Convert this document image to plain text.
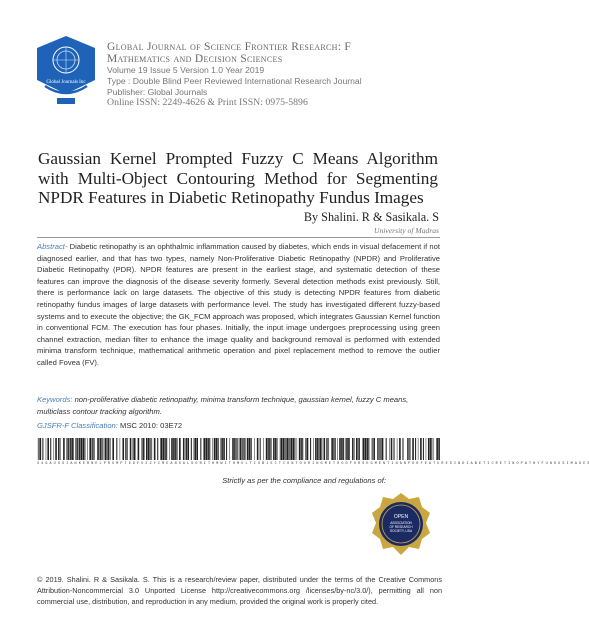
Global Journals Inc
Global Journal of Science Frontier Research: F
Mathematics and Decision Sciences
Volume 19 Issue 5 Version 1.0 Year 2019
Type : Double Blind Peer Reviewed International Research Journal
Publisher: Global Journals
Online ISSN: 2249-4626 & Print ISSN: 0975-5896
Gaussian Kernel Prompted Fuzzy C Means Algorithm with Multi-Object Contouring Method for Segmenting NPDR Features in Diabetic Retinopathy Fundus Images
By Shalini. R & Sasikala. S
University of Madras
Abstract- Diabetic retinopathy is an ophthalmic inflammation caused by diabetes, which ends in visual defacement if not diagnosed earlier, and that has two types, namely Non-Proliferative Diabetic Retinopathy (NPDR) and Proliferative Diabetic Retinopathy (PDR). NPDR features are present in the earliest stage, and systematic detection of these features can improve the diagnosis of the disease severity formerly. Several detection methods exist previously. Still, there is performance lack on large datasets. The objective of this study is detecting NPDR features from diabetic retinopathy fundus images of large datasets with performance level. The study has investigated different fuzzy-based systems and to execute the objective; the GK_FCM approach was proposed, which integrates Gaussian Kernel function in conventional FCM. The execution has four phases. Initially, the input image undergoes preprocessing using green channel extraction, median filter to enhance the image quality and background removal is performed with extended minima transform technique, mathematical arithmetic operation and pixel replacement method to remove the outlier called Fovea (FV).
Keywords: non-proliferative diabetic retinopathy, minima transform technique, gaussian kernel, fuzzy C means, multiclass contour tracking algorithm.
GJSFR-F Classification: MSC 2010: 03E72
3 4 G A U S S I A N K E R N E L P R O M P T E D F U Z Z Y C M E A N S A L G O R I T H M W I T H M U L T I O B J E C T C O N T O U R I N G M E T H O D F O R S E G M E N T I N G N P D R F E A T U R E S I N D I A B E T I C R E T I N O P A T H Y F U N D U S I M A G E S
Strictly as per the compliance and regulations of:
OPEN
ASSOCIATION
OF RESEARCH
SOCIETY, USA
© 2019. Shalini. R & Sasikala. S. This is a research/review paper, distributed under the terms of the Creative Commons Attribution-Noncommercial 3.0 Unported License http://creativecommons.org /licenses/by-nc/3.0/), permitting all non commercial use, distribution, and reproduction in any medium, provided the original work is properly cited.
